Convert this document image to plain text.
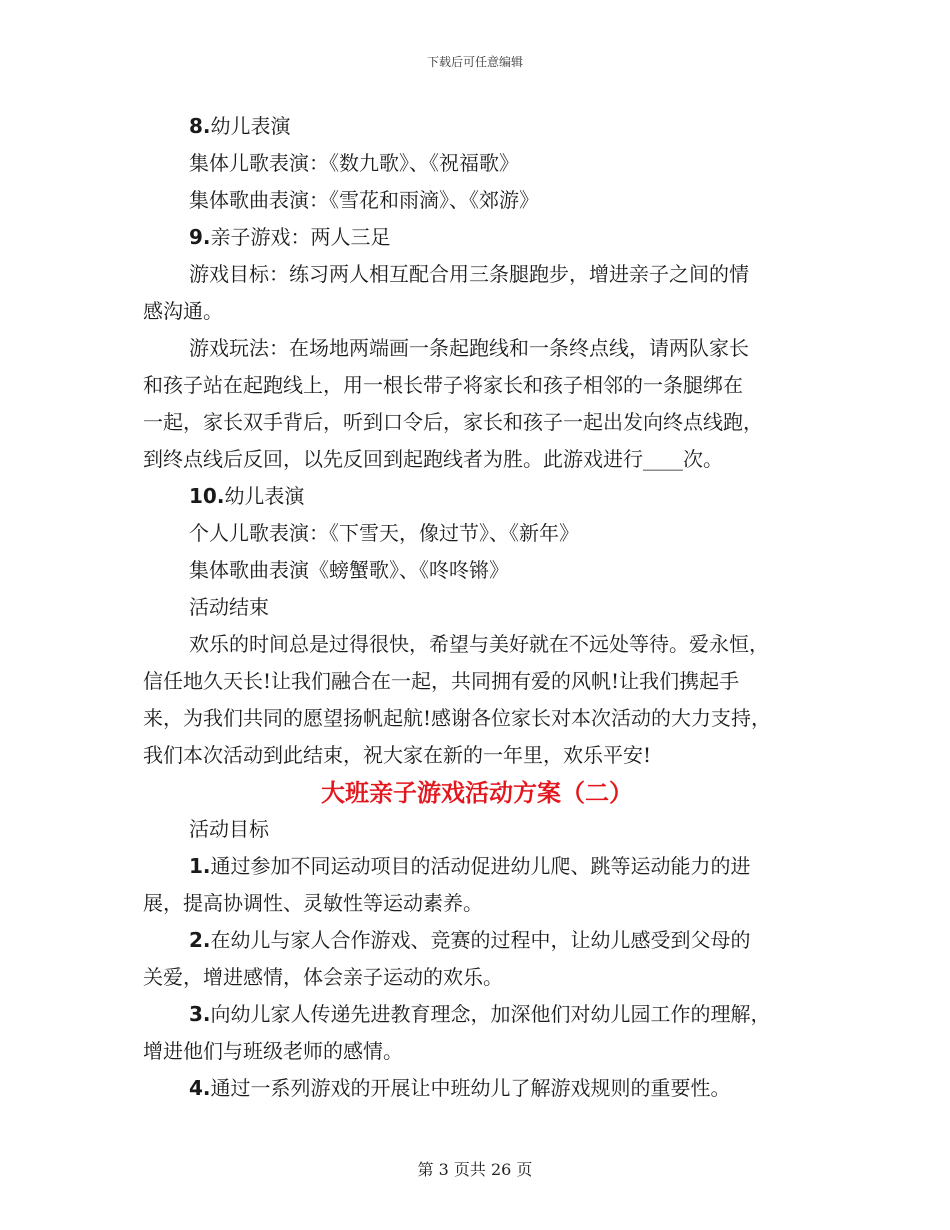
下载后可任意编辑
8.幼儿表演
集体儿歌表演：《数九歌》、《祝福歌》
集体歌曲表演：《雪花和雨滴》、《郊游》
9.亲子游戏：两人三足
游戏目标：练习两人相互配合用三条腿跑步，增进亲子之间的情
感沟通。
游戏玩法：在场地两端画一条起跑线和一条终点线，请两队家长
和孩子站在起跑线上，用一根长带子将家长和孩子相邻的一条腿绑在
一起，家长双手背后，听到口令后，家长和孩子一起出发向终点线跑，
到终点线后反回，以先反回到起跑线者为胜。此游戏进行____次。
10.幼儿表演
个人儿歌表演：《下雪天，像过节》、《新年》
集体歌曲表演《螃蟹歌》、《咚咚锵》
活动结束
欢乐的时间总是过得很快，希望与美好就在不远处等待。爱永恒，
信任地久天长!让我们融合在一起，共同拥有爱的风帆!让我们携起手
来，为我们共同的愿望扬帆起航!感谢各位家长对本次活动的大力支持，
我们本次活动到此结束，祝大家在新的一年里，欢乐平安!
大班亲子游戏活动方案（二）
活动目标
1.通过参加不同运动项目的活动促进幼儿爬、跳等运动能力的进
展，提高协调性、灵敏性等运动素养。
2.在幼儿与家人合作游戏、竞赛的过程中，让幼儿感受到父母的
关爱，增进感情，体会亲子运动的欢乐。
3.向幼儿家人传递先进教育理念，加深他们对幼儿园工作的理解，
增进他们与班级老师的感情。
4.通过一系列游戏的开展让中班幼儿了解游戏规则的重要性。
第 3 页共 26 页
